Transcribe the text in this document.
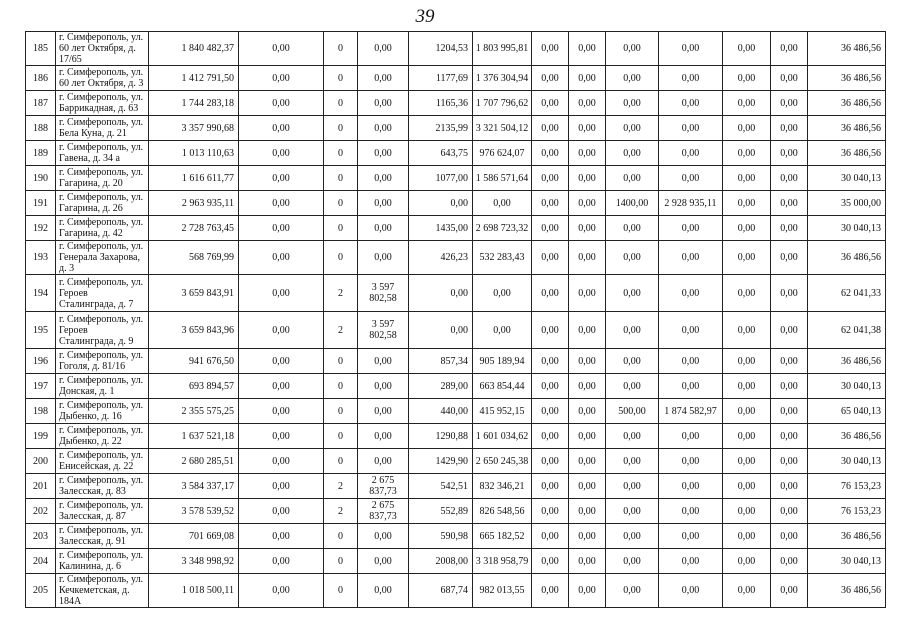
39
185	г. Симферополь, ул. 60 лет Октября, д. 17/65	1 840 482,37	0,00	0	0,00	1204,53	1 803 995,81	0,00	0,00	0,00	0,00	0,00	0,00	36 486,56
186	г. Симферополь, ул. 60 лет Октября, д. 3	1 412 791,50	0,00	0	0,00	1177,69	1 376 304,94	0,00	0,00	0,00	0,00	0,00	0,00	36 486,56
187	г. Симферополь, ул. Баррикадная, д. 63	1 744 283,18	0,00	0	0,00	1165,36	1 707 796,62	0,00	0,00	0,00	0,00	0,00	0,00	36 486,56
188	г. Симферополь, ул. Бела Куна, д. 21	3 357 990,68	0,00	0	0,00	2135,99	3 321 504,12	0,00	0,00	0,00	0,00	0,00	0,00	36 486,56
189	г. Симферополь, ул. Гавена, д. 34 а	1 013 110,63	0,00	0	0,00	643,75	976 624,07	0,00	0,00	0,00	0,00	0,00	0,00	36 486,56
190	г. Симферополь, ул. Гагарина, д. 20	1 616 611,77	0,00	0	0,00	1077,00	1 586 571,64	0,00	0,00	0,00	0,00	0,00	0,00	30 040,13
191	г. Симферополь, ул. Гагарина, д. 26	2 963 935,11	0,00	0	0,00	0,00	0,00	0,00	0,00	1400,00	2 928 935,11	0,00	0,00	35 000,00
192	г. Симферополь, ул. Гагарина, д. 42	2 728 763,45	0,00	0	0,00	1435,00	2 698 723,32	0,00	0,00	0,00	0,00	0,00	0,00	30 040,13
193	г. Симферополь, ул. Генерала Захарова, д. 3	568 769,99	0,00	0	0,00	426,23	532 283,43	0,00	0,00	0,00	0,00	0,00	0,00	36 486,56
194	г. Симферополь, ул. Героев Сталинграда, д. 7	3 659 843,91	0,00	2	3 597 802,58	0,00	0,00	0,00	0,00	0,00	0,00	0,00	0,00	62 041,33
195	г. Симферополь, ул. Героев Сталинграда, д. 9	3 659 843,96	0,00	2	3 597 802,58	0,00	0,00	0,00	0,00	0,00	0,00	0,00	0,00	62 041,38
196	г. Симферополь, ул. Гоголя, д. 81/16	941 676,50	0,00	0	0,00	857,34	905 189,94	0,00	0,00	0,00	0,00	0,00	0,00	36 486,56
197	г. Симферополь, ул. Донская, д. 1	693 894,57	0,00	0	0,00	289,00	663 854,44	0,00	0,00	0,00	0,00	0,00	0,00	30 040,13
198	г. Симферополь, ул. Дыбенко, д. 16	2 355 575,25	0,00	0	0,00	440,00	415 952,15	0,00	0,00	500,00	1 874 582,97	0,00	0,00	65 040,13
199	г. Симферополь, ул. Дыбенко, д. 22	1 637 521,18	0,00	0	0,00	1290,88	1 601 034,62	0,00	0,00	0,00	0,00	0,00	0,00	36 486,56
200	г. Симферополь, ул. Енисейская, д. 22	2 680 285,51	0,00	0	0,00	1429,90	2 650 245,38	0,00	0,00	0,00	0,00	0,00	0,00	30 040,13
201	г. Симферополь, ул. Залесская, д. 83	3 584 337,17	0,00	2	2 675 837,73	542,51	832 346,21	0,00	0,00	0,00	0,00	0,00	0,00	76 153,23
202	г. Симферополь, ул. Залесская, д. 87	3 578 539,52	0,00	2	2 675 837,73	552,89	826 548,56	0,00	0,00	0,00	0,00	0,00	0,00	76 153,23
203	г. Симферополь, ул. Залесская, д. 91	701 669,08	0,00	0	0,00	590,98	665 182,52	0,00	0,00	0,00	0,00	0,00	0,00	36 486,56
204	г. Симферополь, ул. Калинина, д. 6	3 348 998,92	0,00	0	0,00	2008,00	3 318 958,79	0,00	0,00	0,00	0,00	0,00	0,00	30 040,13
205	г. Симферополь, ул. Кечкеметская, д. 184А	1 018 500,11	0,00	0	0,00	687,74	982 013,55	0,00	0,00	0,00	0,00	0,00	0,00	36 486,56
